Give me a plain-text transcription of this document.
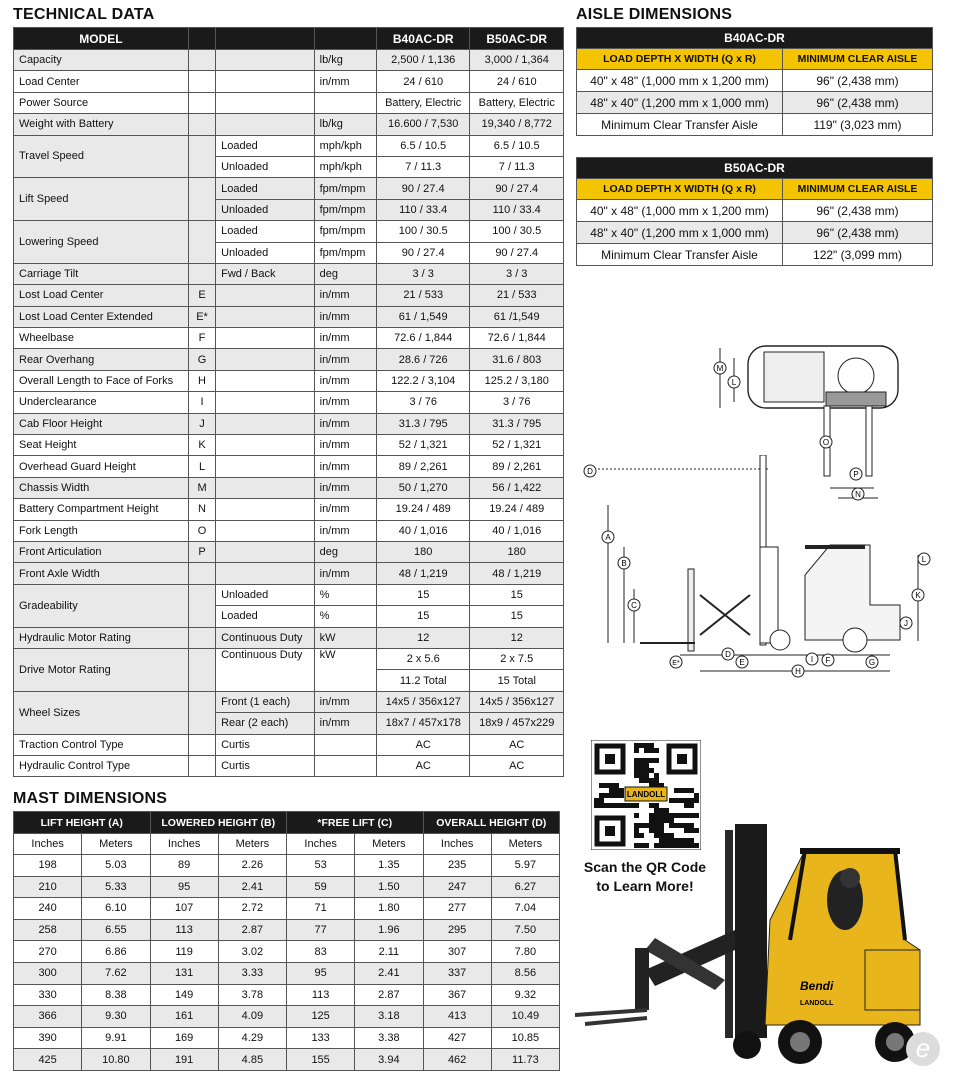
TECHNICAL DATA
MODEL				B40AC-DR	B50AC-DR
Capacity			lb/kg	2,500 / 1,136	3,000 / 1,364
Load Center			in/mm	24 / 610	24 / 610
Power Source				Battery, Electric	Battery, Electric
Weight with Battery			lb/kg	16.600 / 7,530	19,340 / 8,772
Travel Speed		Loaded	mph/kph	6.5 / 10.5	6.5 / 10.5
		Unloaded	mph/kph	7 / 11.3	7 / 11.3
Lift Speed		Loaded	fpm/mpm	90 / 27.4	90 / 27.4
		Unloaded	fpm/mpm	110 / 33.4	110 / 33.4
Lowering Speed		Loaded	fpm/mpm	100 / 30.5	100 / 30.5
		Unloaded	fpm/mpm	90 / 27.4	90 / 27.4
Carriage Tilt		Fwd / Back	deg	3 / 3	3 / 3
Lost Load Center	E		in/mm	21 / 533	21 / 533
Lost Load Center Extended	E*		in/mm	61 / 1,549	61 /1,549
Wheelbase	F		in/mm	72.6 / 1,844	72.6 / 1,844
Rear Overhang	G		in/mm	28.6 / 726	31.6 / 803
Overall Length to Face of Forks	H		in/mm	122.2 / 3,104	125.2 / 3,180
Underclearance	I		in/mm	3 / 76	3 / 76
Cab Floor Height	J		in/mm	31.3 / 795	31.3 / 795
Seat Height	K		in/mm	52 / 1,321	52 / 1,321
Overhead Guard Height	L		in/mm	89 / 2,261	89 / 2,261
Chassis Width	M		in/mm	50 / 1,270	56 / 1,422
Battery Compartment Height	N		in/mm	19.24 / 489	19.24 / 489
Fork Length	O		in/mm	40 / 1,016	40 / 1,016
Front Articulation	P		deg	180	180
Front Axle Width			in/mm	48 / 1,219	48 / 1,219
Gradeability		Unloaded	%	15	15
		Loaded	%	15	15
Hydraulic Motor Rating		Continuous Duty	kW	12	12
Drive Motor Rating		Continuous Duty	kW	2 x 5.6	2 x 7.5
				11.2 Total	15 Total
Wheel Sizes		Front (1 each)	in/mm	14x5 / 356x127	14x5 / 356x127
		Rear (2 each)	in/mm	18x7 / 457x178	18x9 / 457x229
Traction Control Type		Curtis		AC	AC
Hydraulic Control Type		Curtis		AC	AC
AISLE DIMENSIONS
B40AC-DR	
LOAD DEPTH X WIDTH (Q x R)	MINIMUM CLEAR AISLE
40" x 48" (1,000 mm x 1,200 mm)	96" (2,438 mm)
48" x 40" (1,200 mm x 1,000 mm)	96" (2,438 mm)
Minimum Clear Transfer Aisle	119" (3,023 mm)
B50AC-DR	
LOAD DEPTH X WIDTH (Q x R)	MINIMUM CLEAR AISLE
40" x 48" (1,000 mm x 1,200 mm)	96" (2,438 mm)
48" x 40" (1,200 mm x 1,000 mm)	96" (2,438 mm)
Minimum Clear Transfer Aisle	122" (3,099 mm)
MAST DIMENSIONS
LIFT HEIGHT (A)		LOWERED HEIGHT (B)		*FREE LIFT (C)		OVERALL HEIGHT (D)	
Inches	Meters	Inches	Meters	Inches	Meters	Inches	Meters
198	5.03	89	2.26	53	1.35	235	5.97
210	5.33	95	2.41	59	1.50	247	6.27
240	6.10	107	2.72	71	1.80	277	7.04
258	6.55	113	2.87	77	1.96	295	7.50
270	6.86	119	3.02	83	2.11	307	7.80
300	7.62	131	3.33	95	2.41	337	8.56
330	8.38	149	3.78	113	2.87	367	9.32
366	9.30	161	4.09	125	3.18	413	10.49
390	9.91	169	4.29	133	3.38	427	10.85
425	10.80	191	4.85	155	3.94	462	11.73
M
L
O
P
N
D
A
B
C
E*
D
E	F	G
H
I
J
K
L
LANDOLL
Scan the QR Code
to Learn More!
Bendi
LANDOLL
e
